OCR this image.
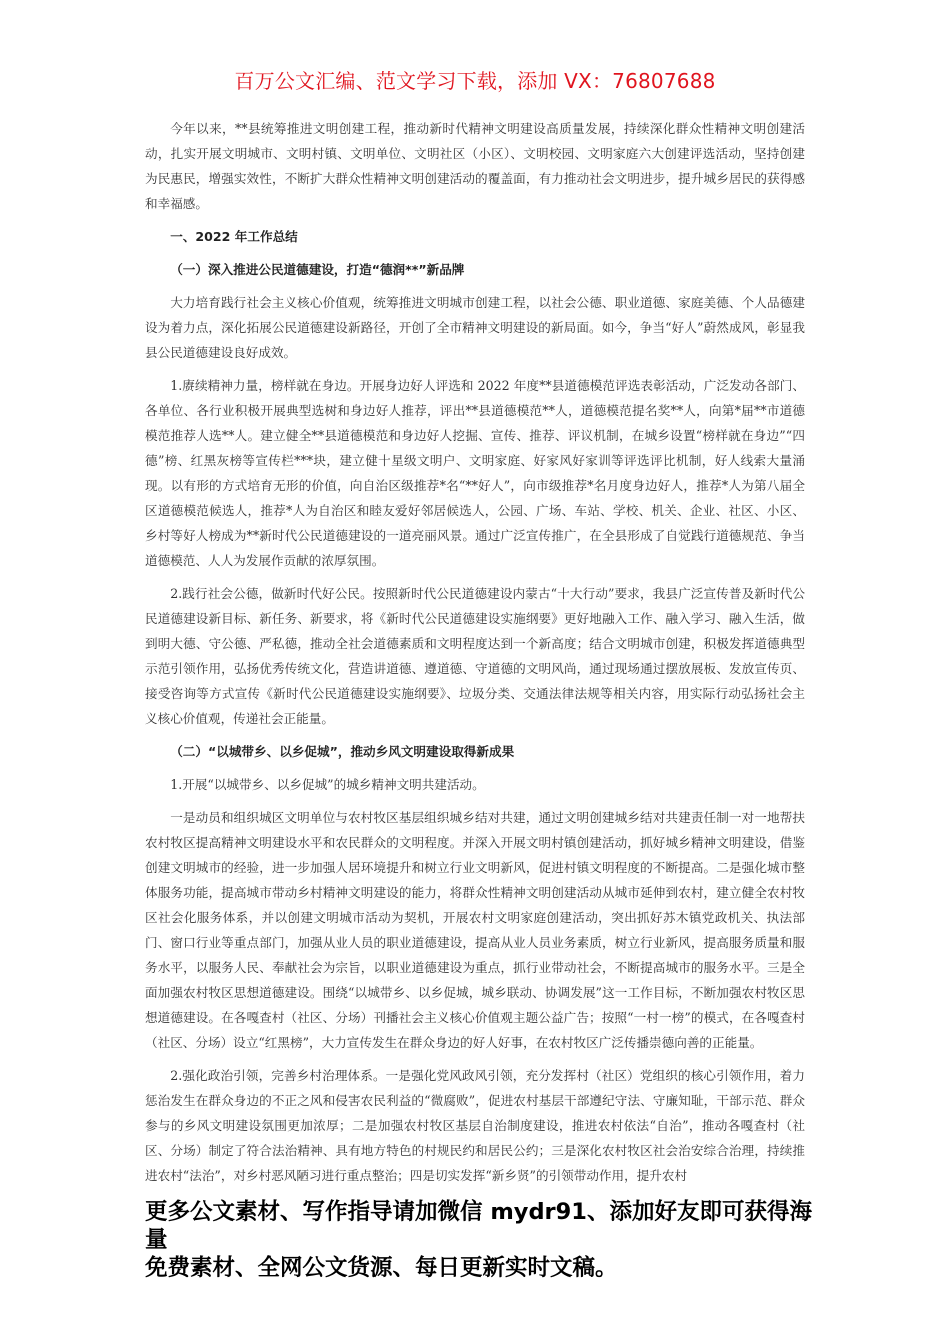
百万公文汇编、范文学习下载，添加 VX：76807688

今年以来，**县统筹推进文明创建工程，推动新时代精神文明建设高质量发展，持续深化群众性精神文明创建活动，扎实开展文明城市、文明村镇、文明单位、文明社区（小区）、文明校园、文明家庭六大创建评选活动，坚持创建为民惠民，增强实效性，不断扩大群众性精神文明创建活动的覆盖面，有力推动社会文明进步，提升城乡居民的获得感和幸福感。

一、2022 年工作总结

（一）深入推进公民道德建设，打造“德润**”新品牌

大力培育践行社会主义核心价值观，统筹推进文明城市创建工程，以社会公德、职业道德、家庭美德、个人品德建设为着力点，深化拓展公民道德建设新路径，开创了全市精神文明建设的新局面。如今，争当“好人”蔚然成风，彰显我县公民道德建设良好成效。

1.赓续精神力量，榜样就在身边。开展身边好人评选和 2022 年度**县道德模范评选表彰活动，广泛发动各部门、各单位、各行业积极开展典型选树和身边好人推荐，评出**县道德模范**人，道德模范提名奖**人，向第*届**市道德模范推荐人选**人。建立健全**县道德模范和身边好人挖掘、宣传、推荐、评议机制，在城乡设置“榜样就在身边”“四德”榜、红黑灰榜等宣传栏***块，建立健十星级文明户、文明家庭、好家风好家训等评选评比机制，好人线索大量涌现。以有形的方式培育无形的价值，向自治区级推荐*名“**好人”，向市级推荐*名月度身边好人，推荐*人为第八届全区道德模范候选人，推荐*人为自治区和睦友爱好邻居候选人，公园、广场、车站、学校、机关、企业、社区、小区、乡村等好人榜成为**新时代公民道德建设的一道亮丽风景。通过广泛宣传推广，在全县形成了自觉践行道德规范、争当道德模范、人人为发展作贡献的浓厚氛围。

2.践行社会公德，做新时代好公民。按照新时代公民道德建设内蒙古“十大行动”要求，我县广泛宣传普及新时代公民道德建设新目标、新任务、新要求，将《新时代公民道德建设实施纲要》更好地融入工作、融入学习、融入生活，做到明大德、守公德、严私德，推动全社会道德素质和文明程度达到一个新高度；结合文明城市创建，积极发挥道德典型示范引领作用，弘扬优秀传统文化，营造讲道德、遵道德、守道德的文明风尚，通过现场通过摆放展板、发放宣传页、接受咨询等方式宣传《新时代公民道德建设实施纲要》、垃圾分类、交通法律法规等相关内容，用实际行动弘扬社会主义核心价值观，传递社会正能量。

（二）“以城带乡、以乡促城”，推动乡风文明建设取得新成果

1.开展“以城带乡、以乡促城”的城乡精神文明共建活动。

一是动员和组织城区文明单位与农村牧区基层组织城乡结对共建，通过文明创建城乡结对共建责任制一对一地帮扶农村牧区提高精神文明建设水平和农民群众的文明程度。并深入开展文明村镇创建活动，抓好城乡精神文明建设，借鉴创建文明城市的经验，进一步加强人居环境提升和树立行业文明新风，促进村镇文明程度的不断提高。二是强化城市整体服务功能，提高城市带动乡村精神文明建设的能力，将群众性精神文明创建活动从城市延伸到农村，建立健全农村牧区社会化服务体系，并以创建文明城市活动为契机，开展农村文明家庭创建活动，突出抓好苏木镇党政机关、执法部门、窗口行业等重点部门，加强从业人员的职业道德建设，提高从业人员业务素质，树立行业新风，提高服务质量和服务水平，以服务人民、奉献社会为宗旨，以职业道德建设为重点，抓行业带动社会，不断提高城市的服务水平。三是全面加强农村牧区思想道德建设。围绕“以城带乡、以乡促城，城乡联动、协调发展”这一工作目标，不断加强农村牧区思想道德建设。在各嘎查村（社区、分场）刊播社会主义核心价值观主题公益广告；按照“一村一榜”的模式，在各嘎查村（社区、分场）设立“红黑榜”，大力宣传发生在群众身边的好人好事，在农村牧区广泛传播崇德向善的正能量。

2.强化政治引领，完善乡村治理体系。一是强化党风政风引领，充分发挥村（社区）党组织的核心引领作用，着力惩治发生在群众身边的不正之风和侵害农民利益的“微腐败”，促进农村基层干部遵纪守法、守廉知耻，干部示范、群众参与的乡风文明建设氛围更加浓厚；二是加强农村牧区基层自治制度建设，推进农村依法“自治”，推动各嘎查村（社区、分场）制定了符合法治精神、具有地方特色的村规民约和居民公约；三是深化农村牧区社会治安综合治理，持续推进农村“法治”，对乡村恶风陋习进行重点整治；四是切实发挥“新乡贤”的引领带动作用，提升农村

更多公文素材、写作指导请加微信 mydr91、添加好友即可获得海量
免费素材、全网公文货源、每日更新实时文稿。
